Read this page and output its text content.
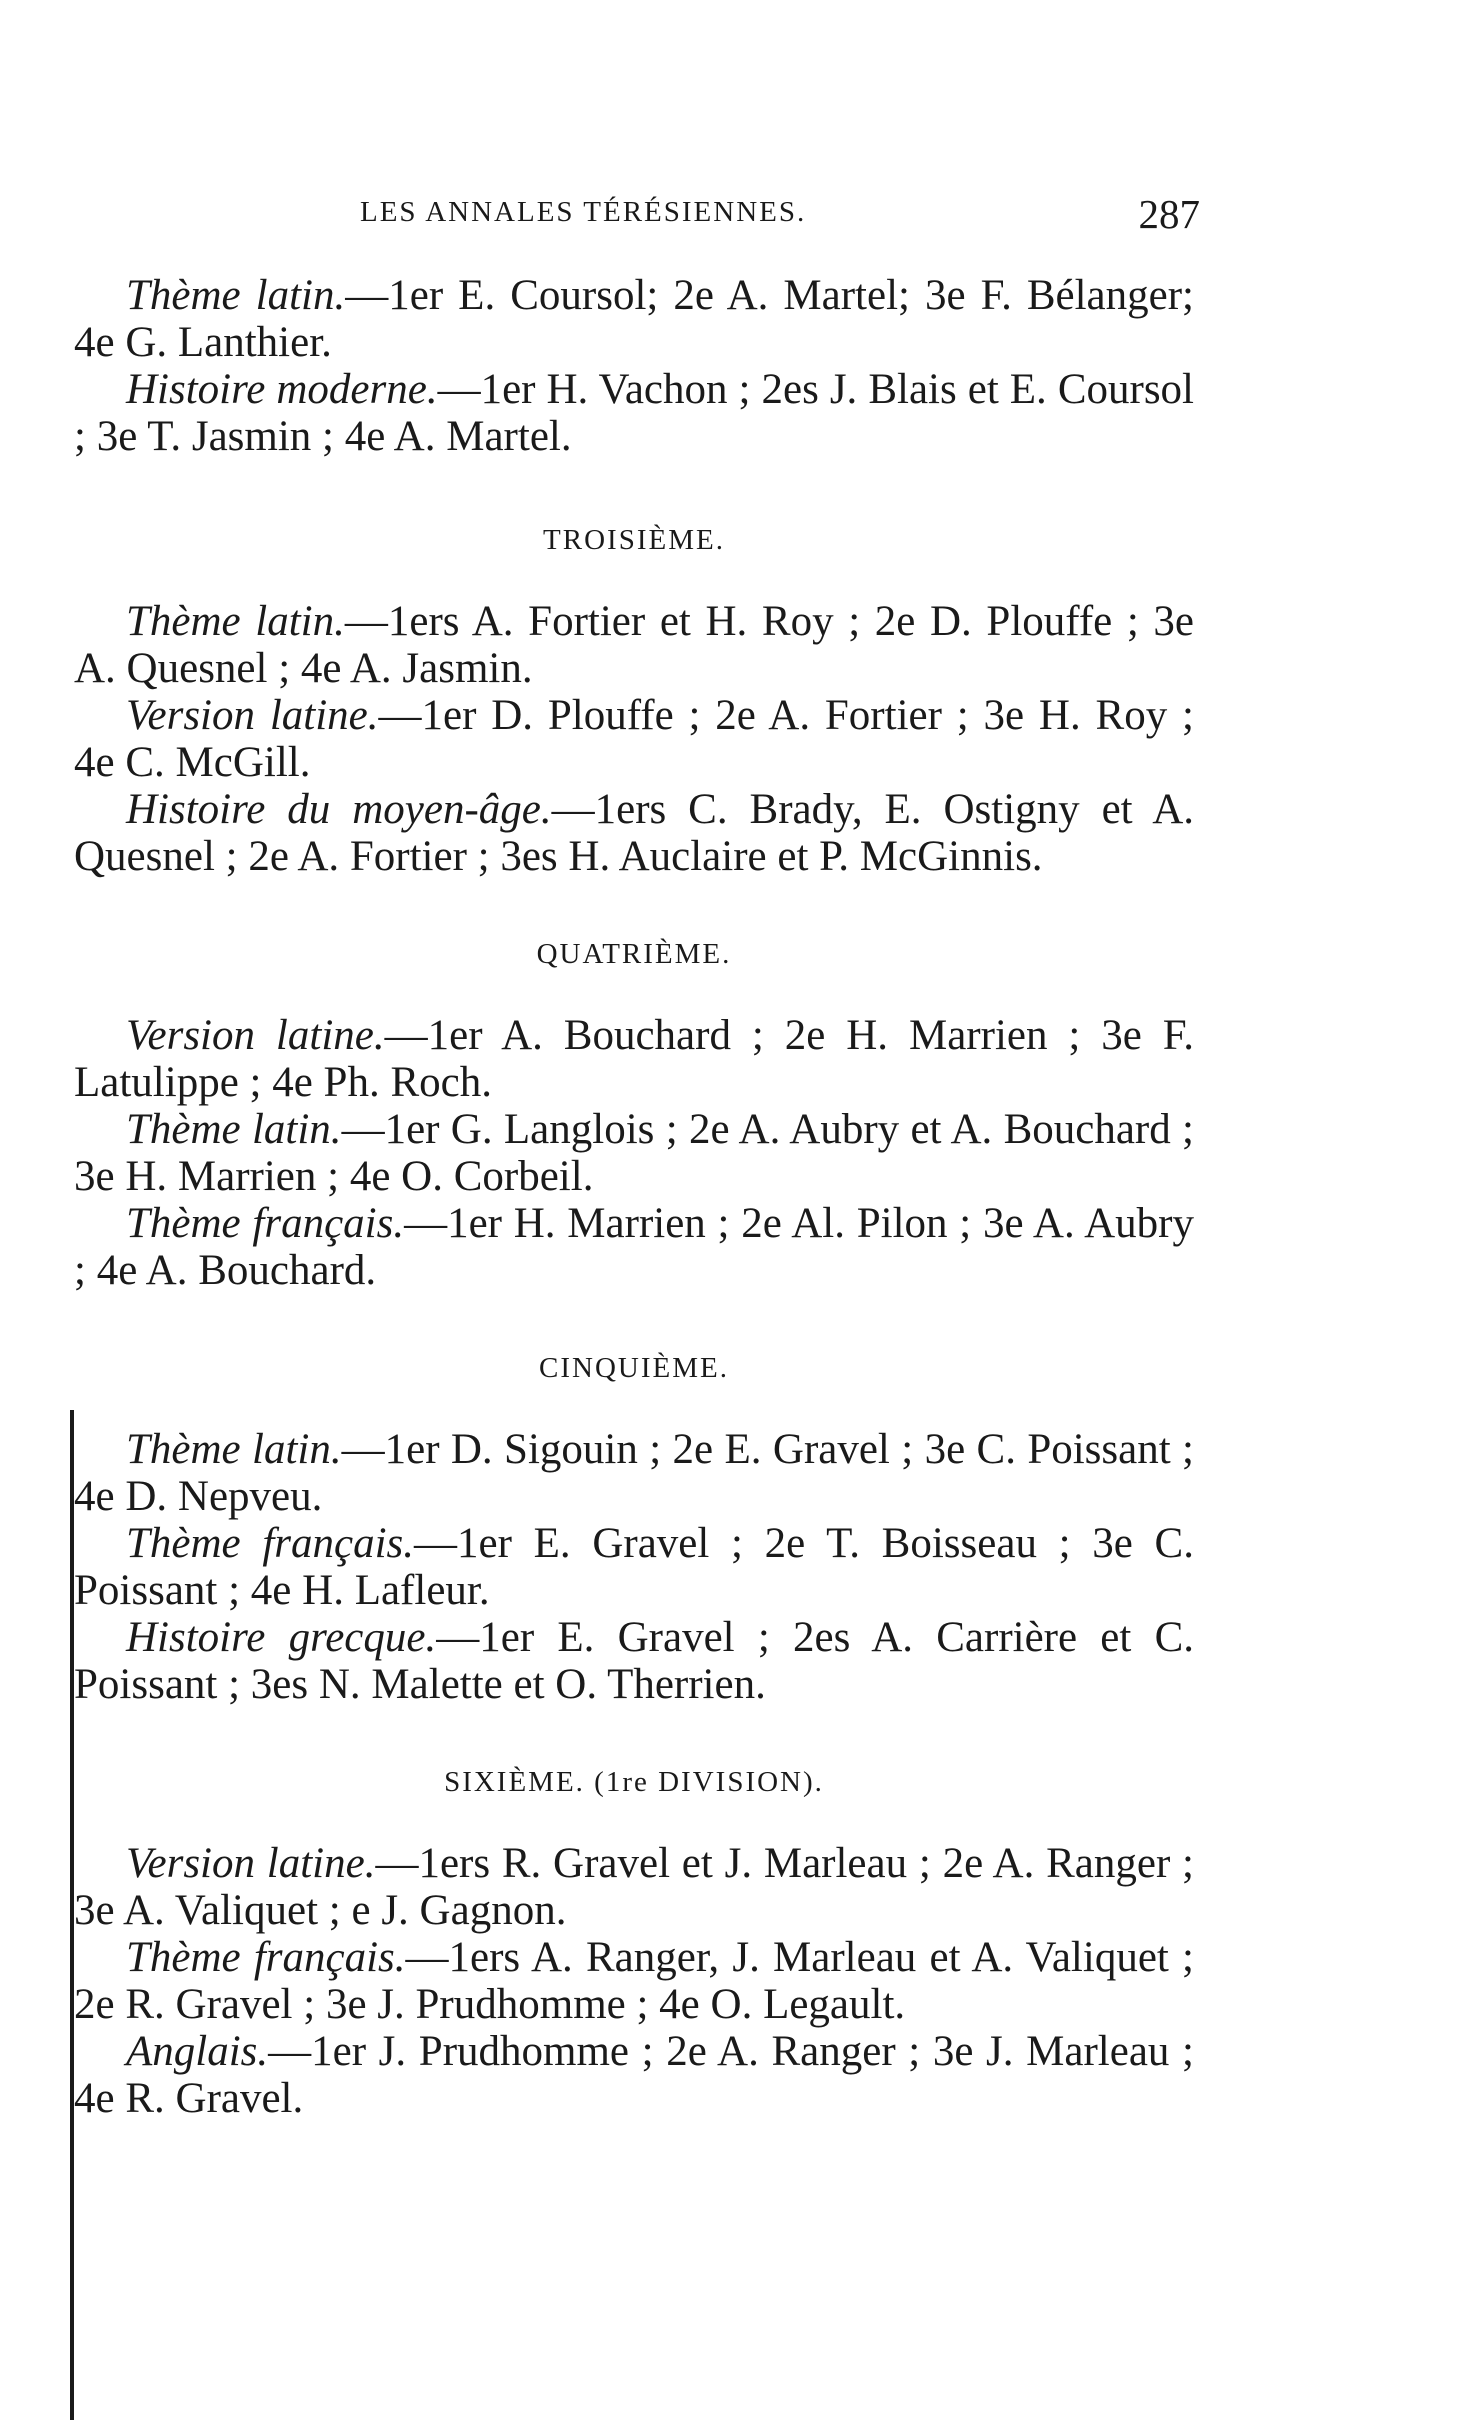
LES ANNALES TÉRÉSIENNES.	287

Thème latin.—1er E. Coursol; 2e A. Martel; 3e F. Bélanger; 4e G. Lanthier.

Histoire moderne.—1er H. Vachon ; 2es J. Blais et E. Coursol ; 3e T. Jasmin ; 4e A. Martel.

TROISIÈME.

Thème latin.—1ers A. Fortier et H. Roy ; 2e D. Plouffe ; 3e A. Quesnel ; 4e A. Jasmin.

Version latine.—1er D. Plouffe ; 2e A. Fortier ; 3e H. Roy ; 4e C. McGill.

Histoire du moyen-âge.—1ers C. Brady, E. Ostigny et A. Quesnel ; 2e A. Fortier ; 3es H. Auclaire et P. McGinnis.

QUATRIÈME.

Version latine.—1er A. Bouchard ; 2e H. Marrien ; 3e F. Latulippe ; 4e Ph. Roch.

Thème latin.—1er G. Langlois ; 2e A. Aubry et A. Bouchard ; 3e H. Marrien ; 4e O. Corbeil.

Thème français.—1er H. Marrien ; 2e Al. Pilon ; 3e A. Aubry ; 4e A. Bouchard.

CINQUIÈME.

Thème latin.—1er D. Sigouin ; 2e E. Gravel ; 3e C. Poissant ; 4e D. Nepveu.

Thème français.—1er E. Gravel ; 2e T. Boisseau ; 3e C. Poissant ; 4e H. Lafleur.

Histoire grecque.—1er E. Gravel ; 2es A. Carrière et C. Poissant ; 3es N. Malette et O. Therrien.

SIXIÈME. (1re DIVISION).

Version latine.—1ers R. Gravel et J. Marleau ; 2e A. Ranger ; 3e A. Valiquet ; e J. Gagnon.

Thème français.—1ers A. Ranger, J. Marleau et A. Valiquet ; 2e R. Gravel ; 3e J. Prudhomme ; 4e O. Legault.

Anglais.—1er J. Prudhomme ; 2e A. Ranger ; 3e J. Marleau ; 4e R. Gravel.
